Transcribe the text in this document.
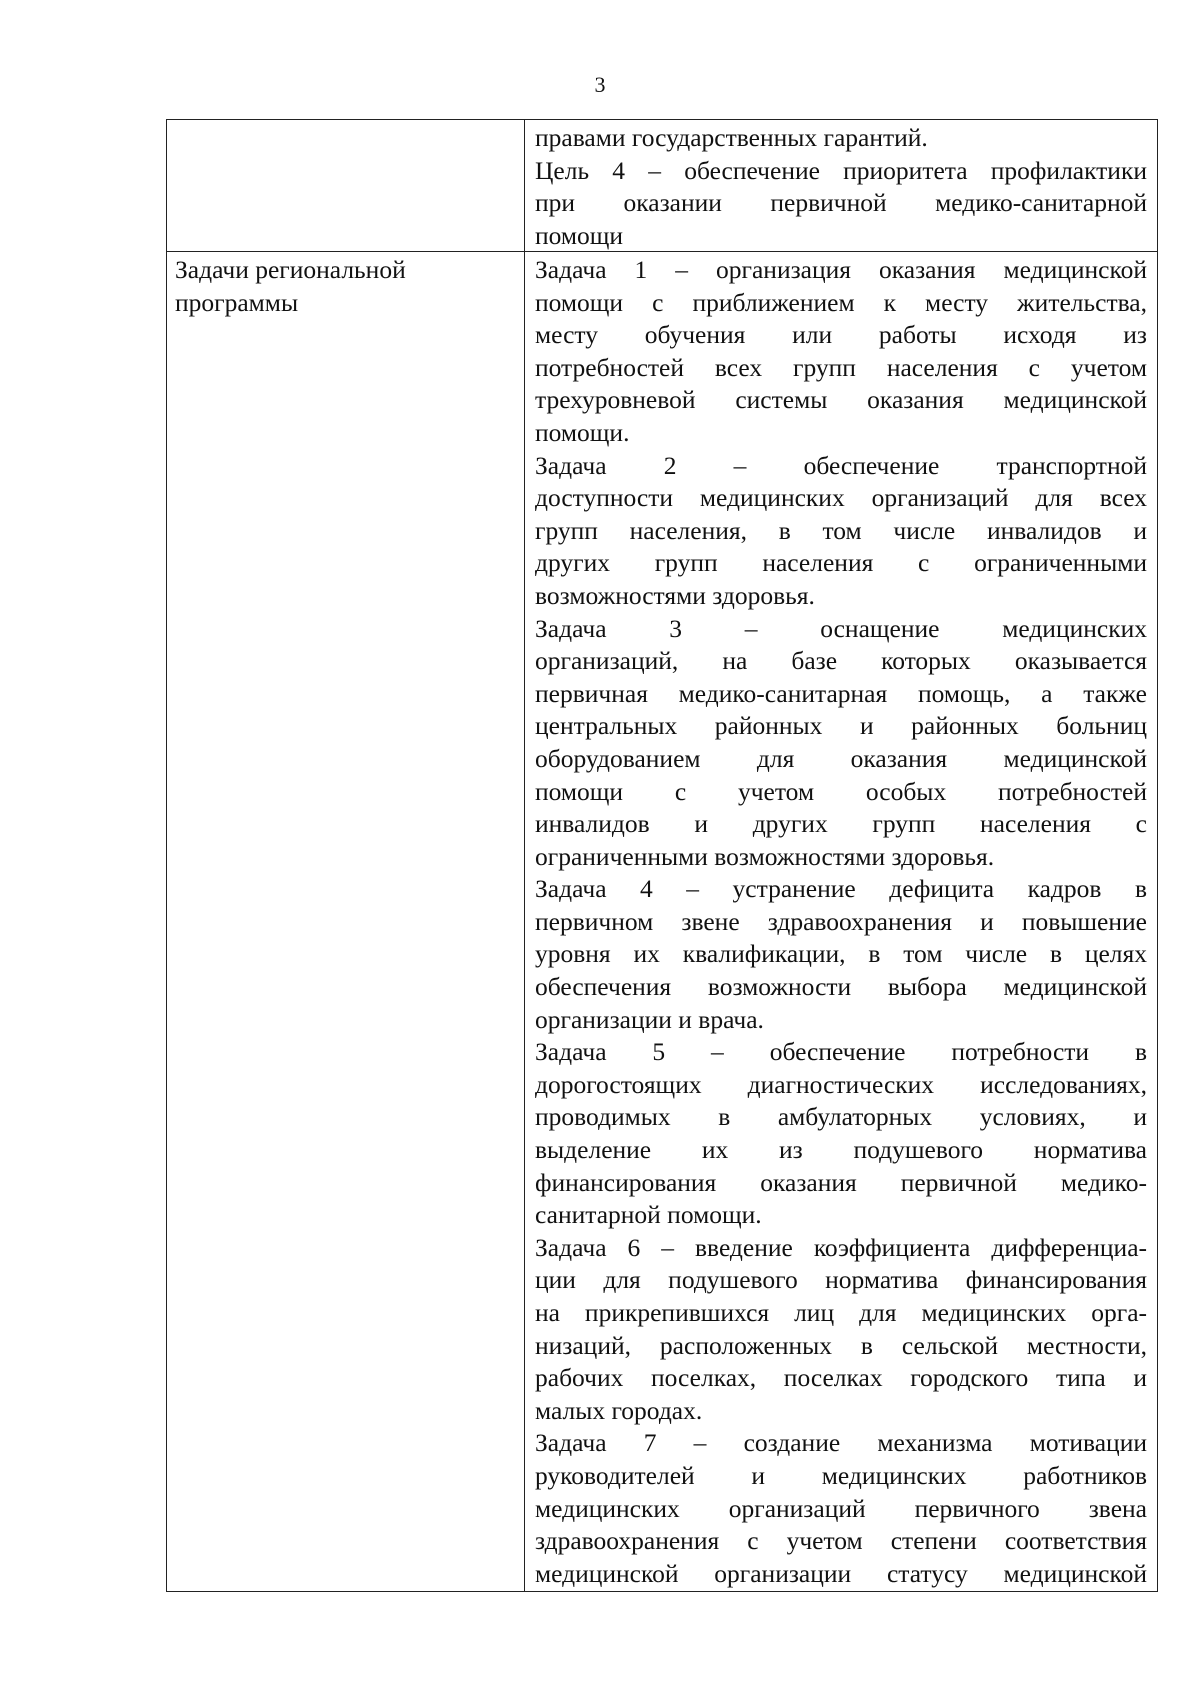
3
правами государственных гарантий.
Цель 4 – обеспечение приоритета профилактики
при оказании первичной медико-санитарной
помощи
Задачи региональной
программы
Задача 1 – организация оказания медицинской
помощи с приближением к месту жительства,
месту обучения или работы исходя из
потребностей всех групп населения с учетом
трехуровневой системы оказания медицинской
помощи.
Задача 2 – обеспечение транспортной
доступности медицинских организаций для всех
групп населения, в том числе инвалидов и
других групп населения с ограниченными
возможностями здоровья.
Задача 3 – оснащение медицинских
организаций, на базе которых оказывается
первичная медико-санитарная помощь, а также
центральных районных и районных больниц
оборудованием для оказания медицинской
помощи с учетом особых потребностей
инвалидов и других групп населения с
ограниченными возможностями здоровья.
Задача 4 – устранение дефицита кадров в
первичном звене здравоохранения и повышение
уровня их квалификации, в том числе в целях
обеспечения возможности выбора медицинской
организации и врача.
Задача 5 – обеспечение потребности в
дорогостоящих диагностических исследованиях,
проводимых в амбулаторных условиях, и
выделение их из подушевого норматива
финансирования оказания первичной медико-
санитарной помощи.
Задача 6 – введение коэффициента дифференциа-
ции для подушевого норматива финансирования
на прикрепившихся лиц для медицинских орга-
низаций, расположенных в сельской местности,
рабочих поселках, поселках городского типа и
малых городах.
Задача 7 – создание механизма мотивации
руководителей и медицинских работников
медицинских организаций первичного звена
здравоохранения с учетом степени соответствия
медицинской организации статусу медицинской
